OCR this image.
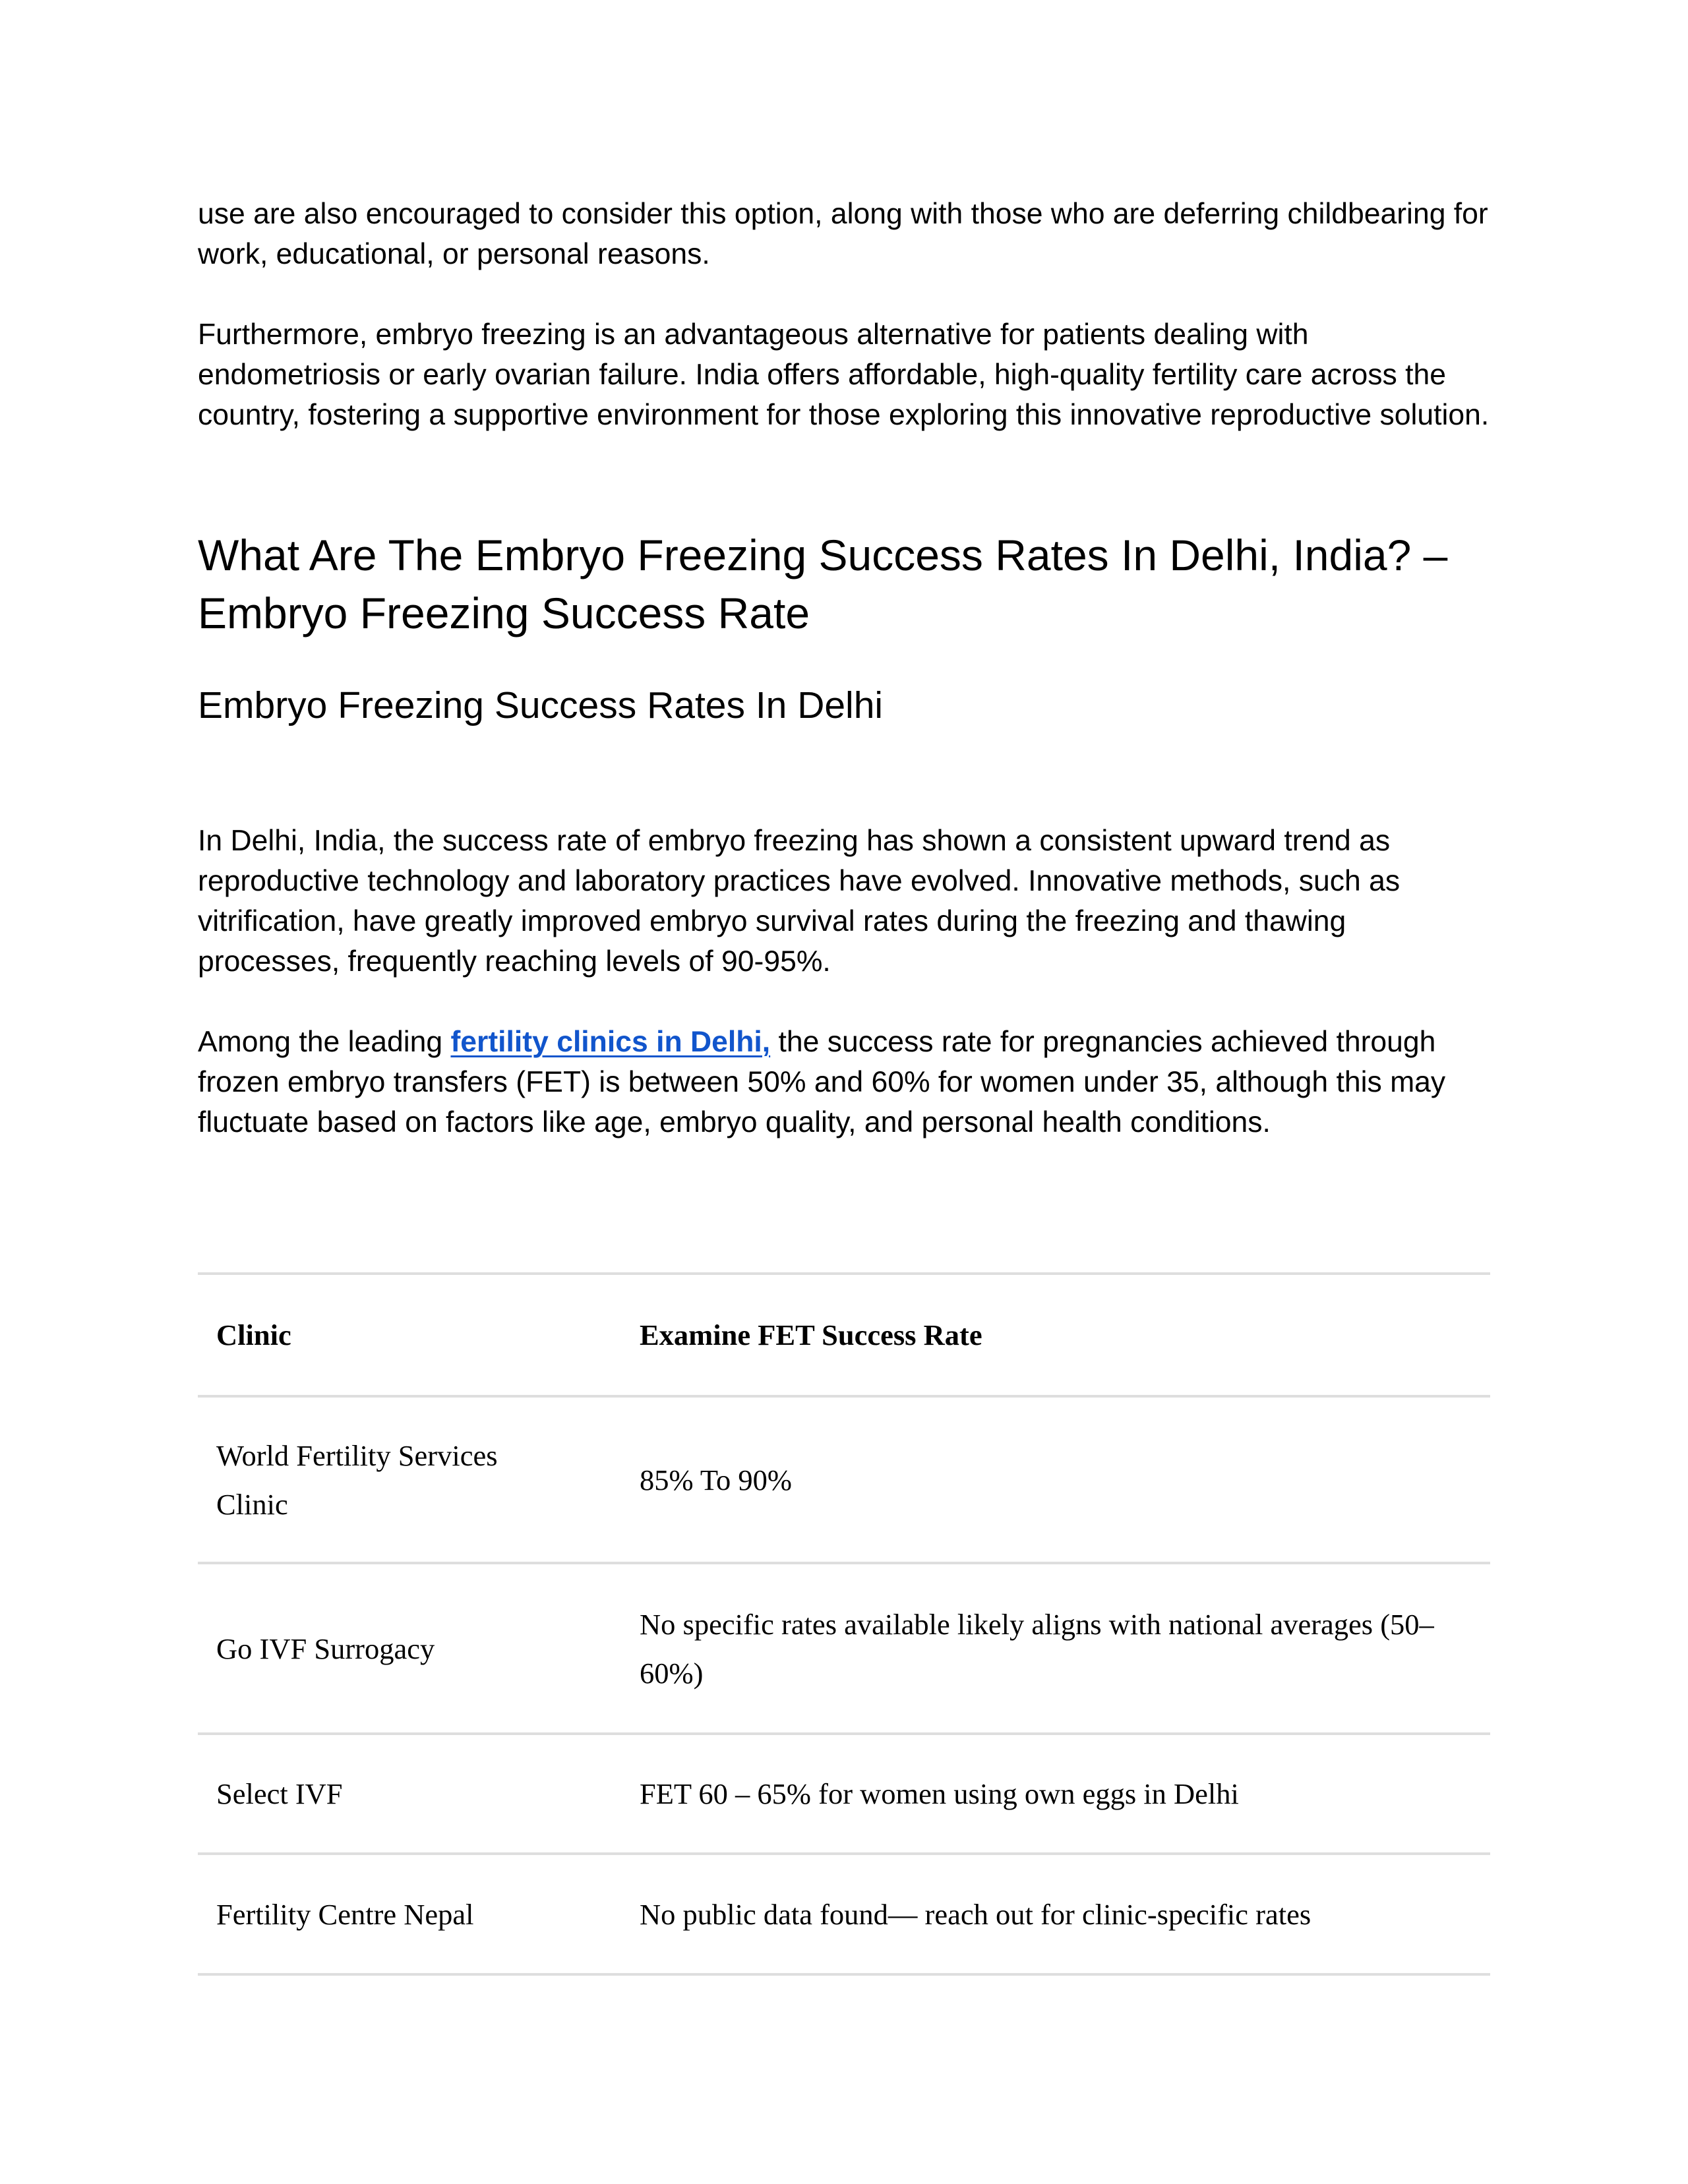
use are also encouraged to consider this option, along with those who are deferring childbearing for work, educational, or personal reasons.

Furthermore, embryo freezing is an advantageous alternative for patients dealing with endometriosis or early ovarian failure. India offers affordable, high-quality fertility care across the country, fostering a supportive environment for those exploring this innovative reproductive solution.

What Are The Embryo Freezing Success Rates In Delhi, India? – Embryo Freezing Success Rate
Embryo Freezing Success Rates In Delhi

In Delhi, India, the success rate of embryo freezing has shown a consistent upward trend as reproductive technology and laboratory practices have evolved. Innovative methods, such as vitrification, have greatly improved embryo survival rates during the freezing and thawing processes, frequently reaching levels of 90-95%.

Among the leading fertility clinics in Delhi, the success rate for pregnancies achieved through frozen embryo transfers (FET) is between 50% and 60% for women under 35, although this may fluctuate based on factors like age, embryo quality, and personal health conditions.

Clinic	Examine FET Success Rate
World Fertility Services Clinic	85% To 90%
Go IVF Surrogacy	No specific rates available likely aligns with national averages (50–60%)
Select IVF	FET 60 – 65% for women using own eggs in Delhi
Fertility Centre Nepal	No public data found— reach out for clinic-specific rates
